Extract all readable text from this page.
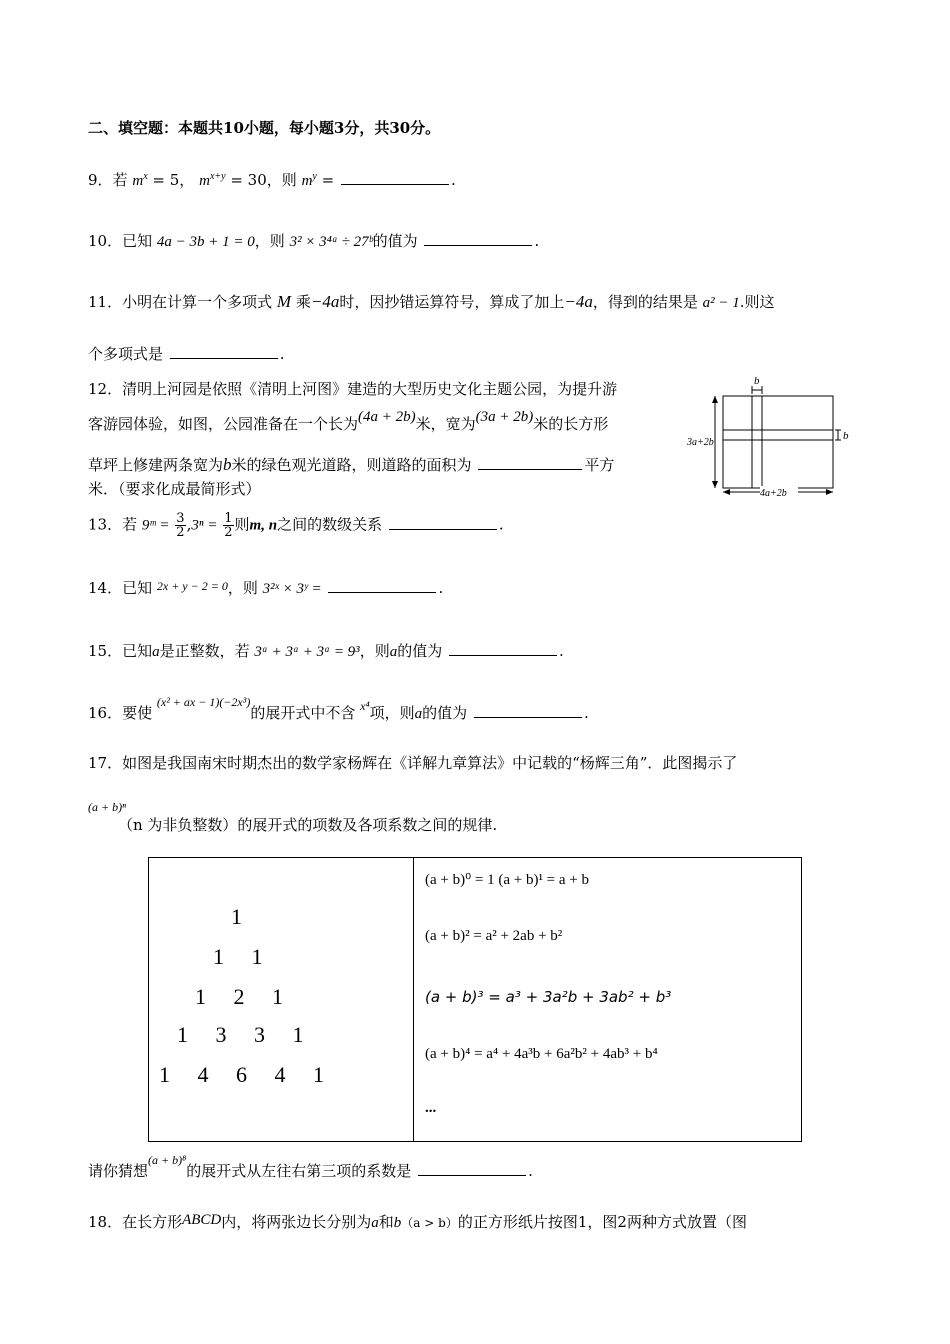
二、填空题：本题共10小题，每小题3分，共30分。
9．若 $m^x = 5$， $m^{x+y} = 30$，则 $m^y$ =	.
10．已知 4a − 3b + 1 = 0，则 3² × 3⁴ᵃ ÷ 27ᵇ的值为	.
11．小明在计算一个多项式 M 乘−4a时，因抄错运算符号，算成了加上−4a，得到的结果是 a² − 1.则这
个多项式是	.
12．清明上河园是依照《清明上河图》建造的大型历史文化主题公园，为提升游
客游园体验，如图，公园准备在一个长为(4a + 2b)米，宽为(3a + 2b)米的长方形
草坪上修建两条宽为b米的绿色观光道路，则道路的面积为	平方
米．（要求化成最简形式）
b
b
3a+2b
4a+2b
13．若 9ᵐ = $\frac{3}{2} ,3^n = \frac{1}{2}$ 则m, n之间的数级关系	.
14．已知 $^{2x + y - 2 = 0}$，则 3²ˣ × 3ʸ =	.
15．已知a是正整数，若 3ᵃ + 3ᵃ + 3ᵃ = 9³，则a的值为	.
16．要使 $^{(x^2 + ax - 1)(-2x^3)}$的展开式中不含 $^{x^4}$项，则a的值为	.
17．如图是我国南宋时期杰出的数学家杨辉在《详解九章算法》中记载的“杨辉三角”．此图揭示了
(a + b)ⁿ
（n 为非负整数）的展开式的项数及各项系数之间的规律.
1
1     1
1     2     1
1     3     3     1
1     4     6     4     1
(a + b)⁰ = 1 (a + b)¹ = a + b
(a + b)² = a² + 2ab + b²
(a + b)³ = a³ + 3a²b + 3ab² + b³
(a + b)⁴ = a⁴ + 4a³b + 6a²b² + 4ab³ + b⁴
...
请你猜想$^{(a + b)^8}$的展开式从左往右第三项的系数是	.
18．在长方形ABCD内，将两张边长分别为a和b（a > b）的正方形纸片按图1，图2两种方式放置（图
